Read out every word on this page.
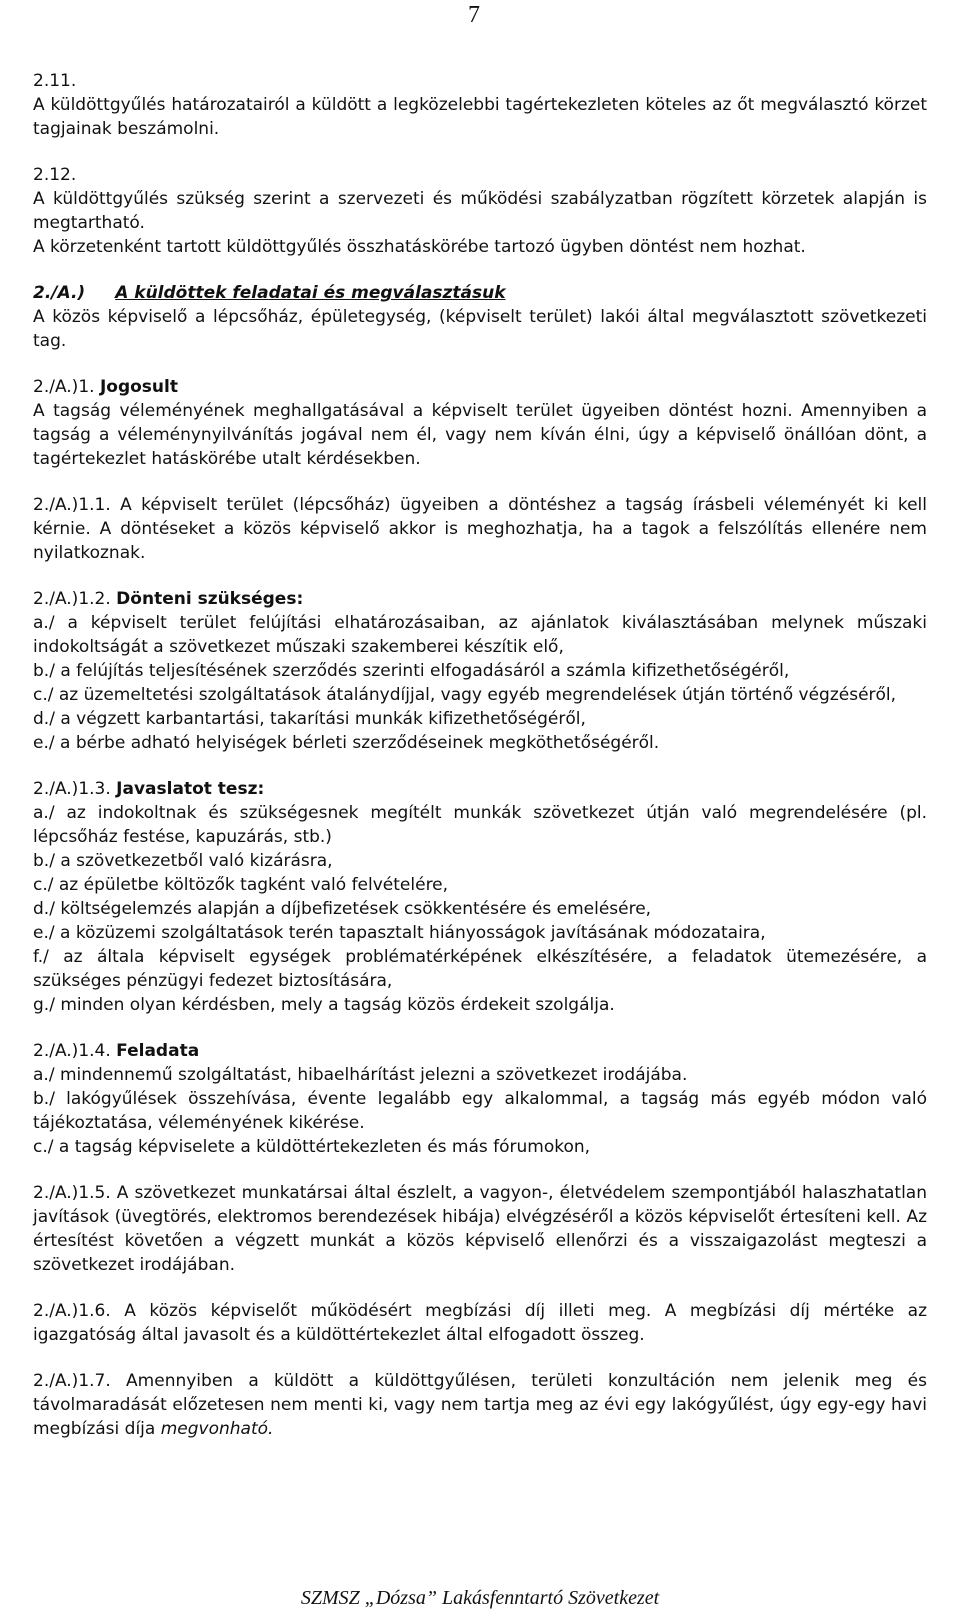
7

2.11.

A küldöttgyűlés határozatairól a küldött a legközelebbi tagértekezleten köteles az őt megválasztó körzet tagjainak beszámolni.

2.12.

A küldöttgyűlés szükség szerint a szervezeti és működési szabályzatban rögzített körzetek alapján is megtartható.

A körzetenként tartott küldöttgyűlés összhatáskörébe tartozó ügyben döntést nem hozhat.

2./A.) A küldöttek feladatai és megválasztásuk

A közös képviselő a lépcsőház, épületegység, (képviselt terület) lakói által megválasztott szövetkezeti tag.

2./A.)1. Jogosult

A tagság véleményének meghallgatásával a képviselt terület ügyeiben döntést hozni. Amennyiben a tagság a véleménynyilvánítás jogával nem él, vagy nem kíván élni, úgy a képviselő önállóan dönt, a tagértekezlet hatáskörébe utalt kérdésekben.

2./A.)1.1. A képviselt terület (lépcsőház) ügyeiben a döntéshez a tagság írásbeli véleményét ki kell kérnie. A döntéseket a közös képviselő akkor is meghozhatja, ha a tagok a felszólítás ellenére nem nyilatkoznak.

2./A.)1.2. Dönteni szükséges:

a./ a képviselt terület felújítási elhatározásaiban, az ajánlatok kiválasztásában melynek műszaki indokoltságát a szövetkezet műszaki szakemberei készítik elő,

b./ a felújítás teljesítésének szerződés szerinti elfogadásáról a számla kifizethetőségéről,

c./ az üzemeltetési szolgáltatások átalánydíjjal, vagy egyéb megrendelések útján történő végzéséről,

d./ a végzett karbantartási, takarítási munkák kifizethetőségéről,

e./ a bérbe adható helyiségek bérleti szerződéseinek megköthetőségéről.

2./A.)1.3. Javaslatot tesz:

a./ az indokoltnak és szükségesnek megítélt munkák szövetkezet útján való megrendelésére (pl. lépcsőház festése, kapuzárás, stb.)

b./ a szövetkezetből való kizárásra,

c./ az épületbe költözők tagként való felvételére,

d./ költségelemzés alapján a díjbefizetések csökkentésére és emelésére,

e./ a közüzemi szolgáltatások terén tapasztalt hiányosságok javításának módozataira,

f./ az általa képviselt egységek problématérképének elkészítésére, a feladatok ütemezésére, a szükséges pénzügyi fedezet biztosítására,

g./ minden olyan kérdésben, mely a tagság közös érdekeit szolgálja.

2./A.)1.4. Feladata

a./ mindennemű szolgáltatást, hibaelhárítást jelezni a szövetkezet irodájába.

b./ lakógyűlések összehívása, évente legalább egy alkalommal, a tagság más egyéb módon való tájékoztatása, véleményének kikérése.

c./ a tagság képviselete a küldöttértekezleten és más fórumokon,

2./A.)1.5. A szövetkezet munkatársai által észlelt, a vagyon-, életvédelem szempontjából halaszhatatlan javítások (üvegtörés, elektromos berendezések hibája) elvégzéséről a közös képviselőt értesíteni kell. Az értesítést követően a végzett munkát a közös képviselő ellenőrzi és a visszaigazolást megteszi a szövetkezet irodájában.

2./A.)1.6. A közös képviselőt működésért megbízási díj illeti meg. A megbízási díj mértéke az igazgatóság által javasolt és a küldöttértekezlet által elfogadott összeg.

2./A.)1.7. Amennyiben a küldött a küldöttgyűlésen, területi konzultáción nem jelenik meg és távolmaradását előzetesen nem menti ki, vagy nem tartja meg az évi egy lakógyűlést, úgy egy-egy havi megbízási díja megvonható.

SZMSZ „Dózsa” Lakásfenntartó Szövetkezet
